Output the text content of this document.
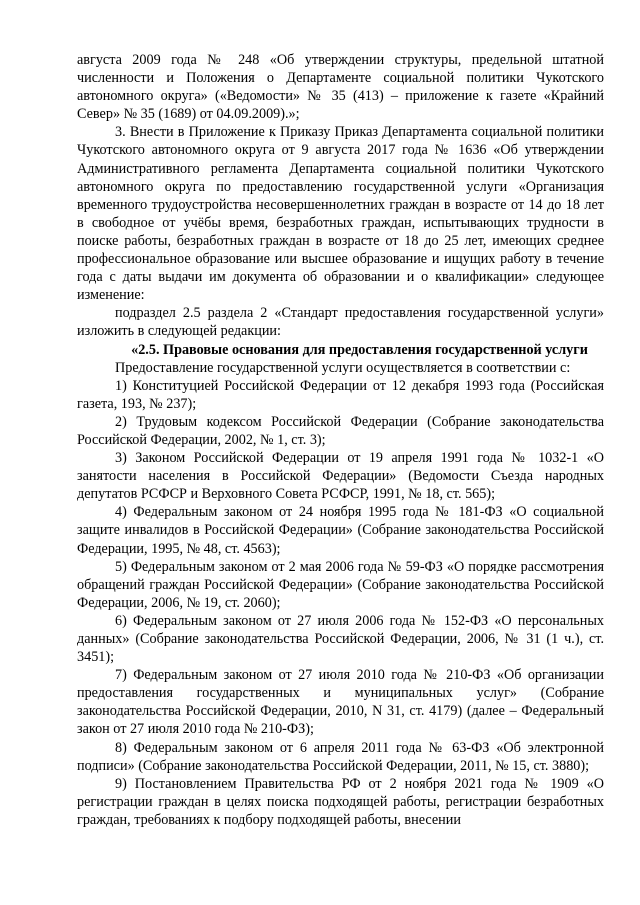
августа 2009 года № 248 «Об утверждении структуры, предельной штатной численности и Положения о Департаменте социальной политики Чукотского автономного округа» («Ведомости» № 35 (413) – приложение к газете «Крайний Север» № 35 (1689) от 04.09.2009).»;

3. Внести в Приложение к Приказу Приказ Департамента социальной политики Чукотского автономного округа от 9 августа 2017 года № 1636 «Об утверждении Административного регламента Департамента социальной политики Чукотского автономного округа по предоставлению государственной услуги «Организация временного трудоустройства несовершеннолетних граждан в возрасте от 14 до 18 лет в свободное от учёбы время, безработных граждан, испытывающих трудности в поиске работы, безработных граждан в возрасте от 18 до 25 лет, имеющих среднее профессиональное образование или высшее образование и ищущих работу в течение года с даты выдачи им документа об образовании и о квалификации» следующее изменение:

подраздел 2.5 раздела 2 «Стандарт предоставления государственной услуги» изложить в следующей редакции:

«2.5. Правовые основания для предоставления государственной услуги

Предоставление государственной услуги осуществляется в соответствии с:

1) Конституцией Российской Федерации от 12 декабря 1993 года (Российская газета, 193, № 237);

2) Трудовым кодексом Российской Федерации (Собрание законодательства Российской Федерации, 2002, № 1, ст. 3);

3) Законом Российской Федерации от 19 апреля 1991 года № 1032-1 «О занятости населения в Российской Федерации» (Ведомости Съезда народных депутатов РСФСР и Верховного Совета РСФСР, 1991, № 18, ст. 565);

4) Федеральным законом от 24 ноября 1995 года № 181-ФЗ «О социальной защите инвалидов в Российской Федерации» (Собрание законодательства Российской Федерации, 1995, № 48, ст. 4563);

5) Федеральным законом от 2 мая 2006 года № 59-ФЗ «О порядке рассмотрения обращений граждан Российской Федерации» (Собрание законодательства Российской Федерации, 2006, № 19, ст. 2060);

6) Федеральным законом от 27 июля 2006 года № 152-ФЗ «О персональных данных» (Собрание законодательства Российской Федерации, 2006, № 31 (1 ч.), ст. 3451);

7) Федеральным законом от 27 июля 2010 года № 210-ФЗ «Об организации предоставления государственных и муниципальных услуг» (Собрание законодательства Российской Федерации, 2010, N 31, ст. 4179) (далее – Федеральный закон от 27 июля 2010 года № 210-ФЗ);

8) Федеральным законом от 6 апреля 2011 года № 63-ФЗ «Об электронной подписи» (Собрание законодательства Российской Федерации, 2011, № 15, ст. 3880);

9) Постановлением Правительства РФ от 2 ноября 2021 года № 1909 «О регистрации граждан в целях поиска подходящей работы, регистрации безработных граждан, требованиях к подбору подходящей работы, внесении
